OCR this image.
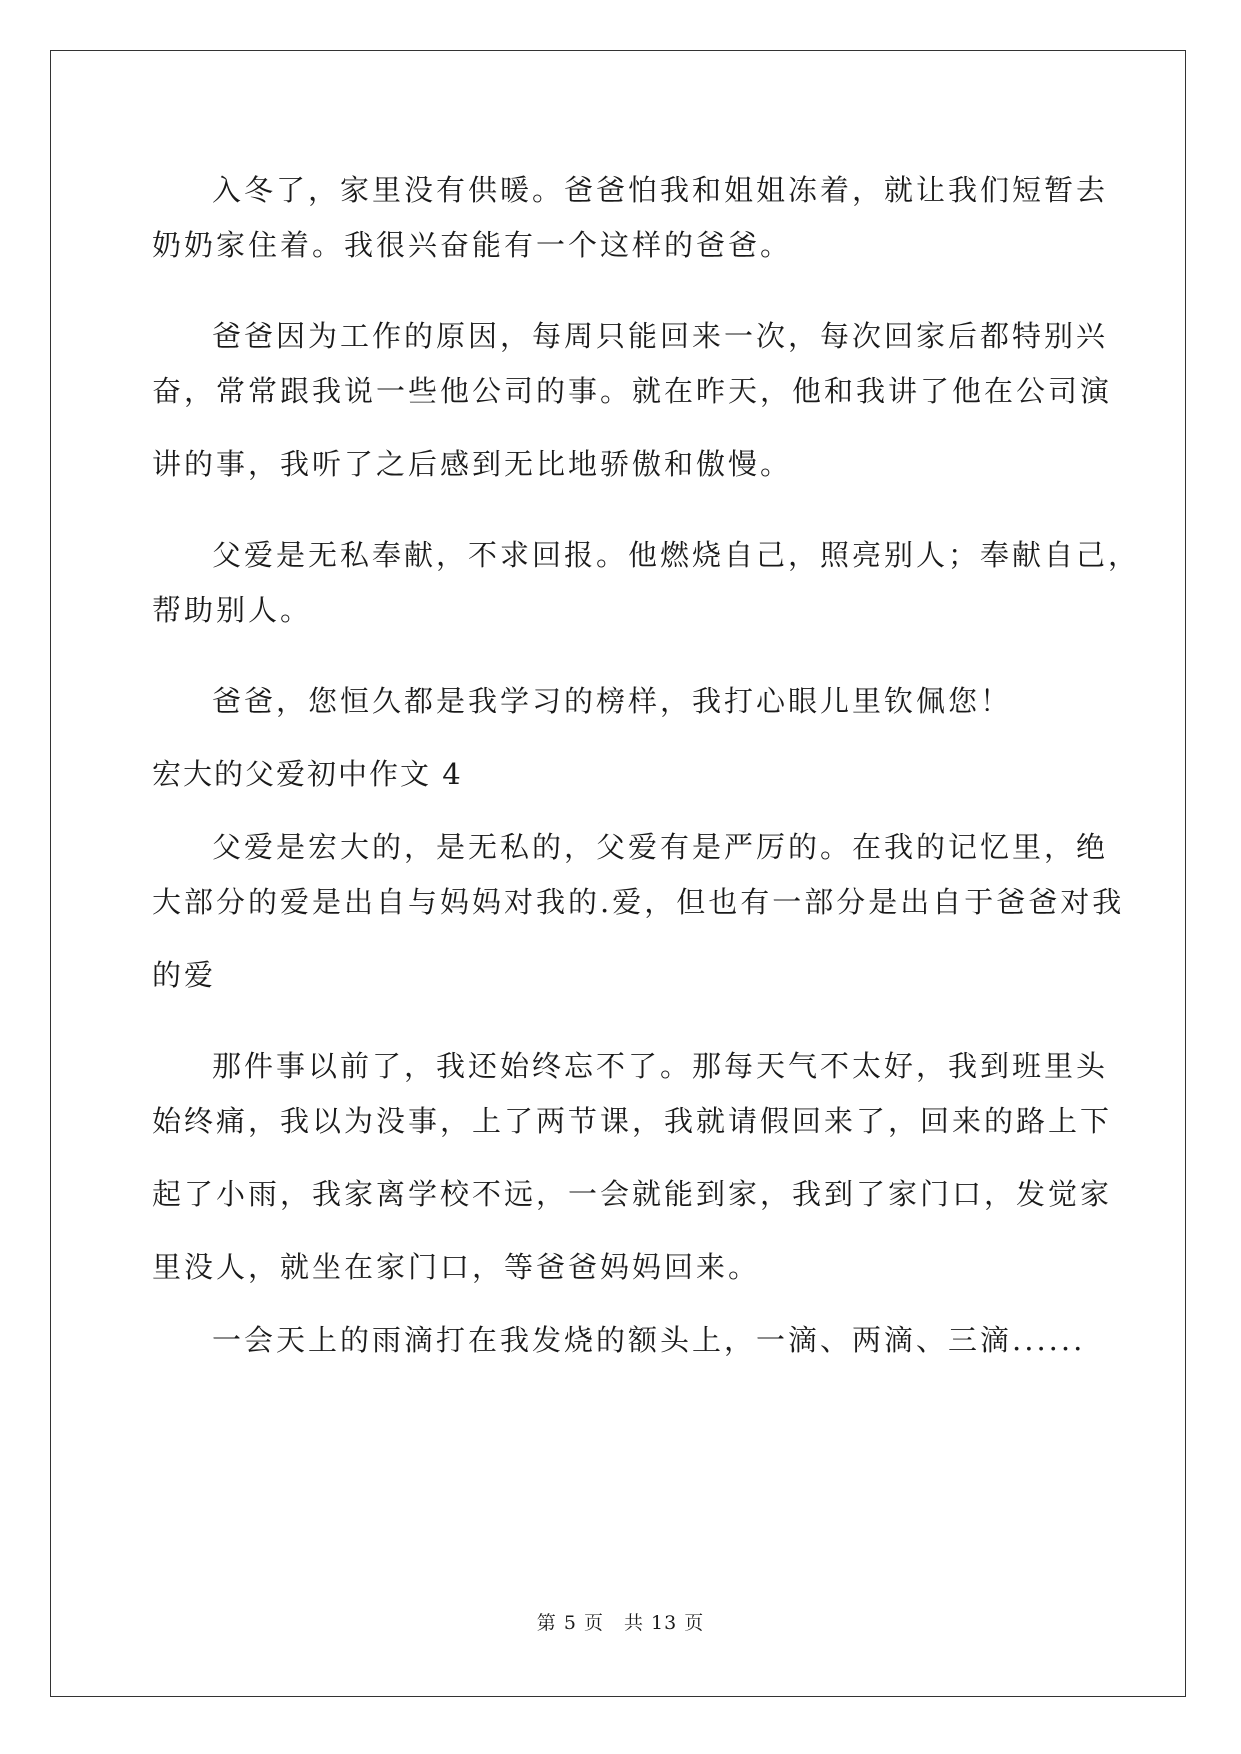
入冬了，家里没有供暖。爸爸怕我和姐姐冻着，就让我们短暂去
奶奶家住着。我很兴奋能有一个这样的爸爸。
爸爸因为工作的原因，每周只能回来一次，每次回家后都特别兴
奋，常常跟我说一些他公司的事。就在昨天，他和我讲了他在公司演
讲的事，我听了之后感到无比地骄傲和傲慢。
父爱是无私奉献，不求回报。他燃烧自己，照亮别人；奉献自己，
帮助别人。
爸爸，您恒久都是我学习的榜样，我打心眼儿里钦佩您！
宏大的父爱初中作文 4
父爱是宏大的，是无私的，父爱有是严厉的。在我的记忆里，绝
大部分的爱是出自与妈妈对我的.爱，但也有一部分是出自于爸爸对我
的爱
那件事以前了，我还始终忘不了。那每天气不太好，我到班里头
始终痛，我以为没事，上了两节课，我就请假回来了，回来的路上下
起了小雨，我家离学校不远，一会就能到家，我到了家门口，发觉家
里没人，就坐在家门口，等爸爸妈妈回来。
一会天上的雨滴打在我发烧的额头上，一滴、两滴、三滴......
第 5 页　共 13 页
